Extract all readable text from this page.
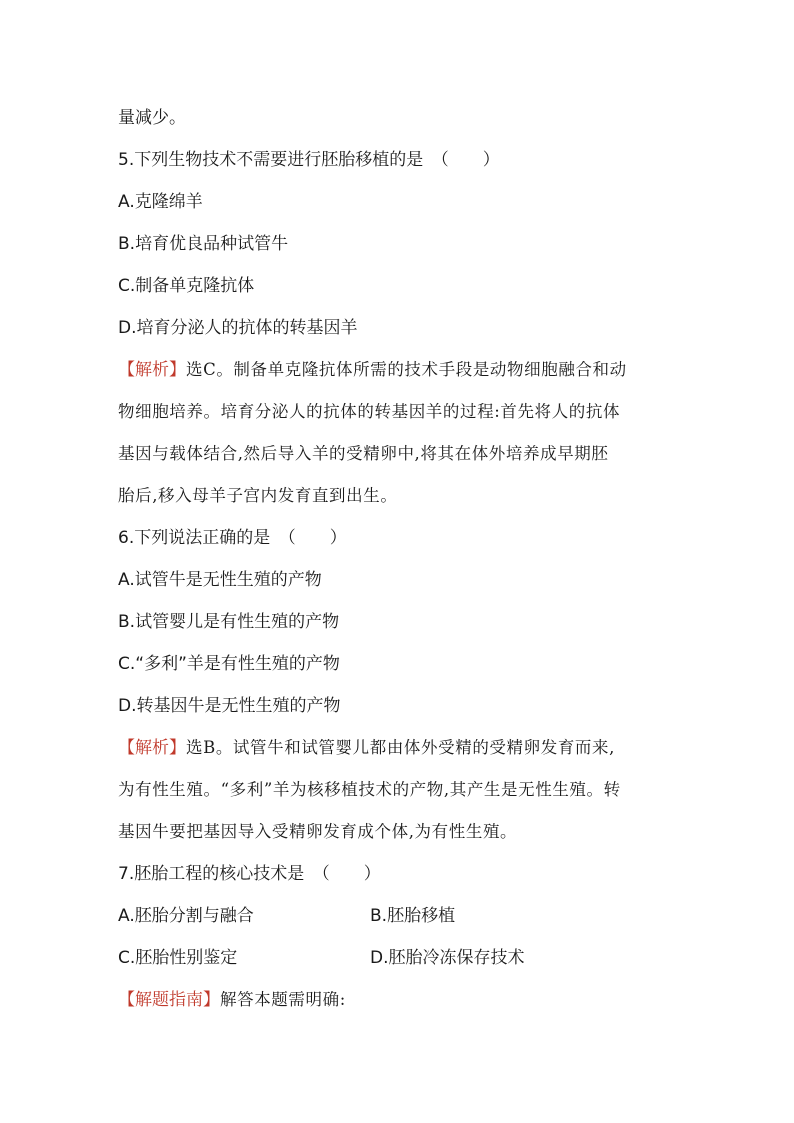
量减少。
5.下列生物技术不需要进行胚胎移植的是　（　　）
A.克隆绵羊
B.培育优良品种试管牛
C.制备单克隆抗体
D.培育分泌人的抗体的转基因羊
【解析】选C。制备单克隆抗体所需的技术手段是动物细胞融合和动
物细胞培养。培育分泌人的抗体的转基因羊的过程:首先将人的抗体
基因与载体结合,然后导入羊的受精卵中,将其在体外培养成早期胚
胎后,移入母羊子宫内发育直到出生。
6.下列说法正确的是　（　　）
A.试管牛是无性生殖的产物
B.试管婴儿是有性生殖的产物
C.“多利”羊是有性生殖的产物
D.转基因牛是无性生殖的产物
【解析】选B。试管牛和试管婴儿都由体外受精的受精卵发育而来,
为有性生殖。“多利”羊为核移植技术的产物,其产生是无性生殖。转
基因牛要把基因导入受精卵发育成个体,为有性生殖。
7.胚胎工程的核心技术是　（　　）
A.胚胎分割与融合	B.胚胎移植
C.胚胎性别鉴定	D.胚胎冷冻保存技术
【解题指南】解答本题需明确:
